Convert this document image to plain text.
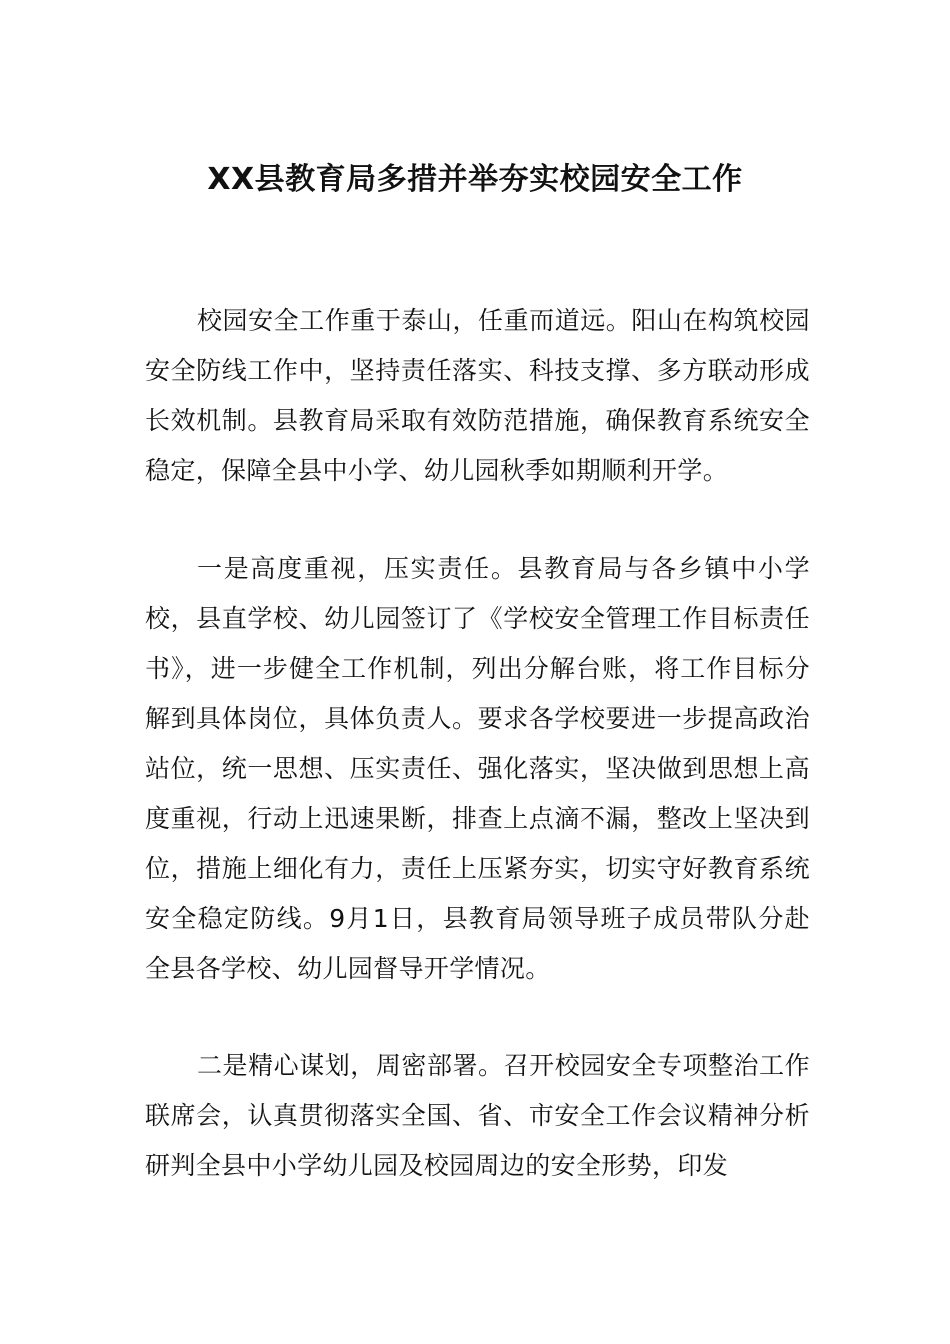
XX县教育局多措并举夯实校园安全工作

校园安全工作重于泰山，任重而道远。阳山在构筑校园安全防线工作中，坚持责任落实、科技支撑、多方联动形成长效机制。县教育局采取有效防范措施，确保教育系统安全稳定，保障全县中小学、幼儿园秋季如期顺利开学。

一是高度重视，压实责任。县教育局与各乡镇中小学校，县直学校、幼儿园签订了《学校安全管理工作目标责任书》，进一步健全工作机制，列出分解台账，将工作目标分解到具体岗位，具体负责人。要求各学校要进一步提高政治站位，统一思想、压实责任、强化落实，坚决做到思想上高度重视，行动上迅速果断，排查上点滴不漏，整改上坚决到位，措施上细化有力，责任上压紧夯实，切实守好教育系统安全稳定防线。9月1日，县教育局领导班子成员带队分赴全县各学校、幼儿园督导开学情况。

二是精心谋划，周密部署。召开校园安全专项整治工作联席会，认真贯彻落实全国、省、市安全工作会议精神分析研判全县中小学幼儿园及校园周边的安全形势，印发
